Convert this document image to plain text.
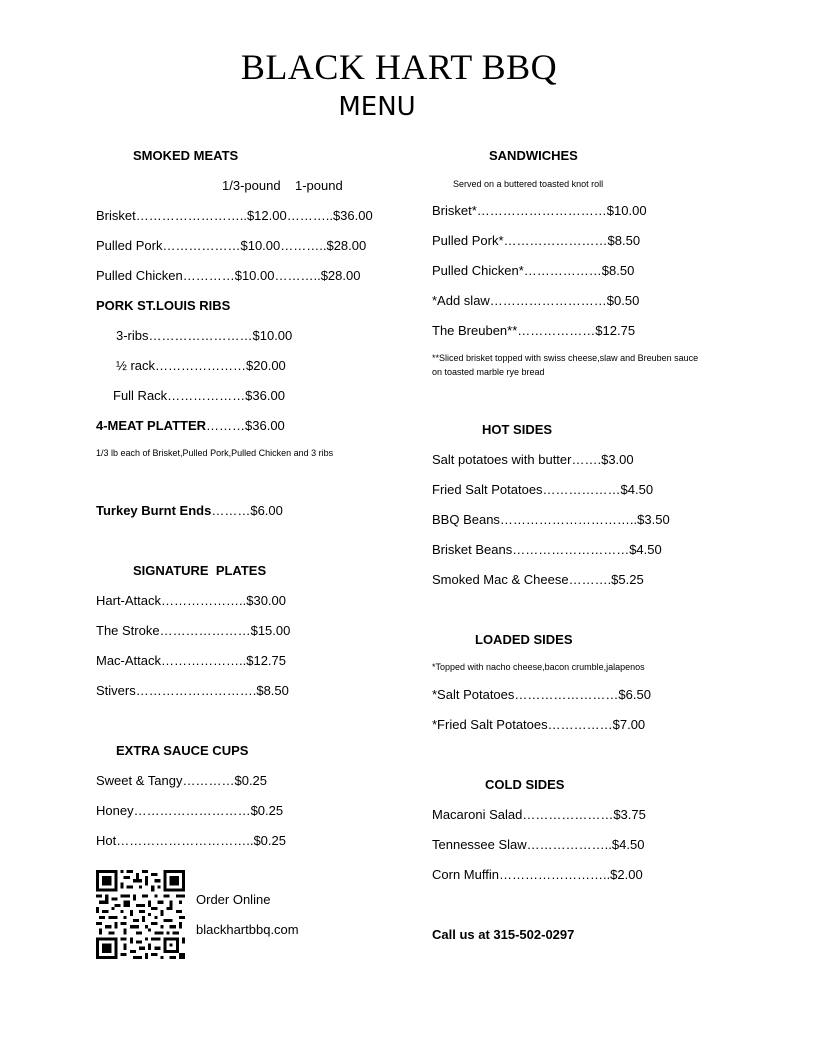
BLACK HART BBQ
MENU
SMOKED MEATS
1/3-pound    1-pound
Brisket……………………..$12.00………..$36.00
Pulled Pork………………$10.00………..$28.00
Pulled Chicken…………$10.00………..$28.00
PORK ST.LOUIS RIBS
3-ribs……………………$10.00
½ rack…………………$20.00
Full Rack………………$36.00
4-MEAT PLATTER………$36.00
1/3 lb each of Brisket,Pulled Pork,Pulled Chicken and 3 ribs
Turkey Burnt Ends………$6.00
SIGNATURE  PLATES
Hart-Attack………………..$30.00
The Stroke…………………$15.00
Mac-Attack………………..$12.75
Stivers……………………….$8.50
EXTRA SAUCE CUPS
Sweet & Tangy…………$0.25
Honey………………………$0.25
Hot…………………………..$0.25
Order Online
blackhartbbq.com
SANDWICHES
Served on a buttered toasted knot roll
Brisket*…………………………$10.00
Pulled Pork*……………………$8.50
Pulled Chicken*………………$8.50
*Add slaw………………………$0.50
The Breuben**………………$12.75
**Sliced brisket topped with swiss cheese,slaw and Breuben sauce
on toasted marble rye bread
HOT SIDES
Salt potatoes with butter…….$3.00
Fried Salt Potatoes………………$4.50
BBQ Beans…………………………..$3.50
Brisket Beans………………………$4.50
Smoked Mac & Cheese……….$5.25
LOADED SIDES
*Topped with nacho cheese,bacon crumble,jalapenos
*Salt Potatoes……………………$6.50
*Fried Salt Potatoes……………$7.00
COLD SIDES
Macaroni Salad…………………$3.75
Tennessee Slaw………………..$4.50
Corn Muffin……………………..$2.00
Call us at 315-502-0297
